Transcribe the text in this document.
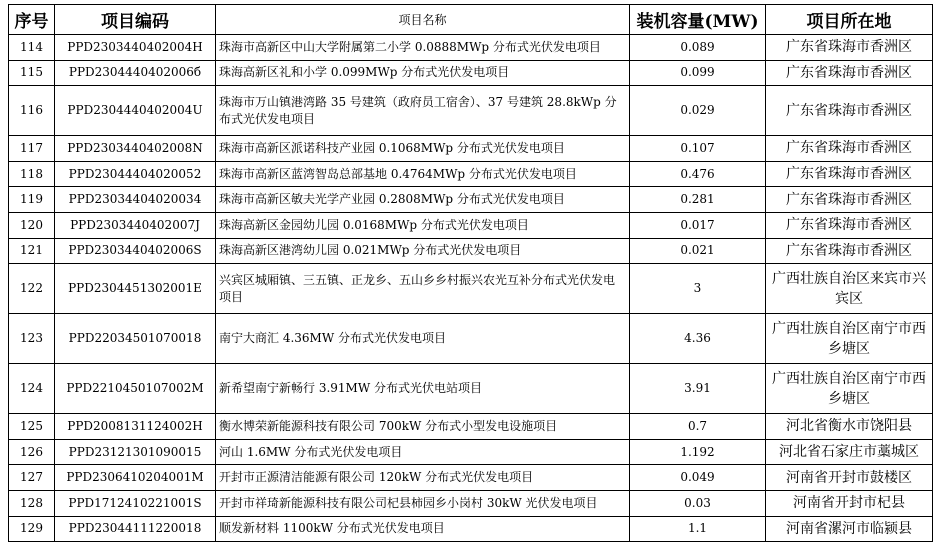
序号	项目编码	项目名称	装机容量(MW)	项目所在地
114	PPD2303440402004H	珠海市高新区中山大学附属第二小学 0.0888MWp 分布式光伏发电项目	0.089	广东省珠海市香洲区
115	PPD2304440402006б	珠海高新区礼和小学 0.099MWp 分布式光伏发电项目	0.099	广东省珠海市香洲区
116	PPD2304440402004U	珠海市万山镇港湾路 35 号建筑（政府员工宿舍）、37 号建筑 28.8kWp 分布式光伏发电项目	0.029	广东省珠海市香洲区
117	PPD2303440402008N	珠海市高新区派诺科技产业园 0.1068MWp 分布式光伏发电项目	0.107	广东省珠海市香洲区
118	PPD23044404020052	珠海市高新区蓝湾智岛总部基地 0.4764MWp 分布式光伏发电项目	0.476	广东省珠海市香洲区
119	PPD23034404020034	珠海市高新区敏夫光学产业园 0.2808MWp 分布式光伏发电项目	0.281	广东省珠海市香洲区
120	PPD2303440402007J	珠海高新区金园幼儿园 0.0168MWp 分布式光伏发电项目	0.017	广东省珠海市香洲区
121	PPD2303440402006S	珠海高新区港湾幼儿园 0.021MWp 分布式光伏发电项目	0.021	广东省珠海市香洲区
122	PPD2304451302001E	兴宾区城厢镇、三五镇、正龙乡、五山乡乡村振兴农光互补分布式光伏发电项目	3	广西壮族自治区来宾市兴宾区
123	PPD22034501070018	南宁大商汇 4.36MW 分布式光伏发电项目	4.36	广西壮族自治区南宁市西乡塘区
124	PPD2210450107002M	新希望南宁新畅行 3.91MW 分布式光伏电站项目	3.91	广西壮族自治区南宁市西乡塘区
125	PPD2008131124002H	衡水博荣新能源科技有限公司 700kW 分布式小型发电设施项目	0.7	河北省衡水市饶阳县
126	PPD23121301090015	河山 1.6MW 分布式光伏发电项目	1.192	河北省石家庄市藁城区
127	PPD2306410204001M	开封市正源清洁能源有限公司 120kW 分布式光伏发电项目	0.049	河南省开封市鼓楼区
128	PPD1712410221001S	开封市祥琦新能源科技有限公司杞县柿园乡小岗村 30kW 光伏发电项目	0.03	河南省开封市杞县
129	PPD23044111220018	顺发新材料 1100kW 分布式光伏发电项目	1.1	河南省漯河市临颍县
